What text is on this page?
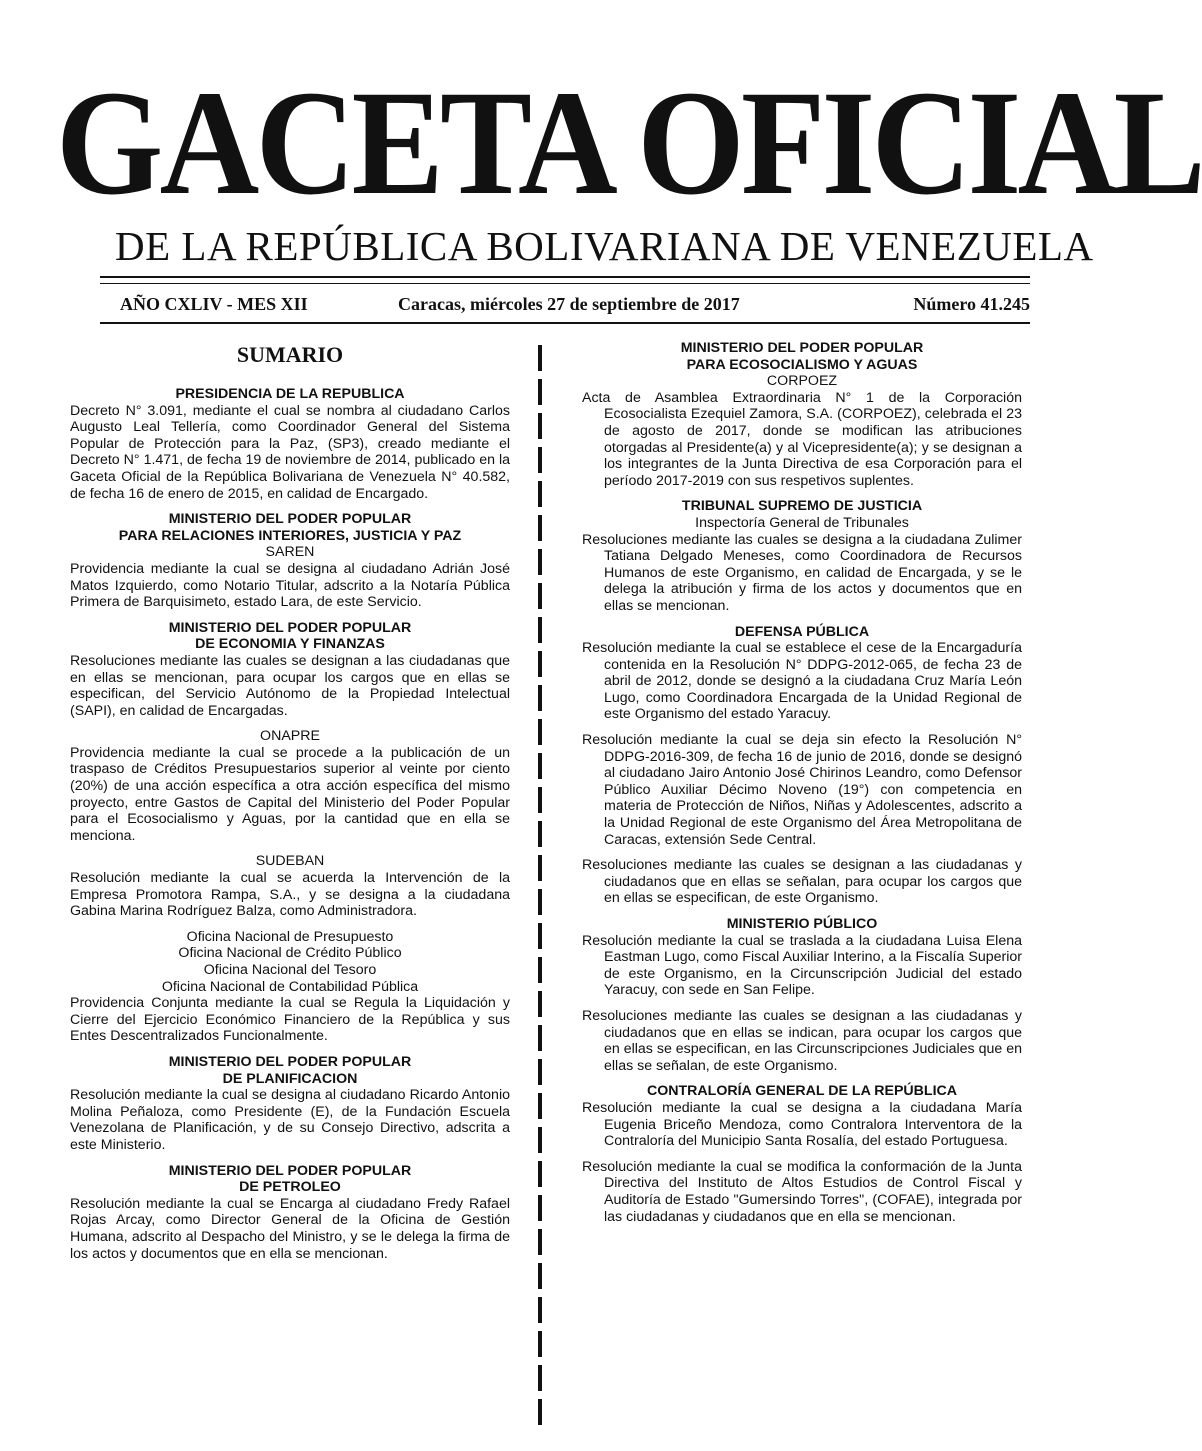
GACETA OFICIAL
DE LA REPÚBLICA BOLIVARIANA DE VENEZUELA
AÑO CXLIV - MES XII	Caracas, miércoles 27 de septiembre de 2017	Número 41.245
SUMARIO
PRESIDENCIA DE LA REPUBLICA

Decreto N° 3.091, mediante el cual se nombra al ciudadano Carlos Augusto Leal Tellería, como Coordinador General del Sistema Popular de Protección para la Paz, (SP3), creado mediante el Decreto N° 1.471, de fecha 19 de noviembre de 2014, publicado en la Gaceta Oficial de la República Bolivariana de Venezuela N° 40.582, de fecha 16 de enero de 2015, en calidad de Encargado.

MINISTERIO DEL PODER POPULAR
PARA RELACIONES INTERIORES, JUSTICIA Y PAZ
SAREN

Providencia mediante la cual se designa al ciudadano Adrián José Matos Izquierdo, como Notario Titular, adscrito a la Notaría Pública Primera de Barquisimeto, estado Lara, de este Servicio.

MINISTERIO DEL PODER POPULAR
DE ECONOMIA Y FINANZAS

Resoluciones mediante las cuales se designan a las ciudadanas que en ellas se mencionan, para ocupar los cargos que en ellas se especifican, del Servicio Autónomo de la Propiedad Intelectual (SAPI), en calidad de Encargadas.

ONAPRE

Providencia mediante la cual se procede a la publicación de un traspaso de Créditos Presupuestarios superior al veinte por ciento (20%) de una acción específica a otra acción específica del mismo proyecto, entre Gastos de Capital del Ministerio del Poder Popular para el Ecosocialismo y Aguas, por la cantidad que en ella se menciona.

SUDEBAN

Resolución mediante la cual se acuerda la Intervención de la Empresa Promotora Rampa, S.A., y se designa a la ciudadana Gabina Marina Rodríguez Balza, como Administradora.

Oficina Nacional de Presupuesto
Oficina Nacional de Crédito Público
Oficina Nacional del Tesoro
Oficina Nacional de Contabilidad Pública

Providencia Conjunta mediante la cual se Regula la Liquidación y Cierre del Ejercicio Económico Financiero de la República y sus Entes Descentralizados Funcionalmente.

MINISTERIO DEL PODER POPULAR
DE PLANIFICACION

Resolución mediante la cual se designa al ciudadano Ricardo Antonio Molina Peñaloza, como Presidente (E), de la Fundación Escuela Venezolana de Planificación, y de su Consejo Directivo, adscrita a este Ministerio.

MINISTERIO DEL PODER POPULAR
DE PETROLEO

Resolución mediante la cual se Encarga al ciudadano Fredy Rafael Rojas Arcay, como Director General de la Oficina de Gestión Humana, adscrito al Despacho del Ministro, y se le delega la firma de los actos y documentos que en ella se mencionan.

MINISTERIO DEL PODER POPULAR
PARA ECOSOCIALISMO Y AGUAS
CORPOEZ

Acta de Asamblea Extraordinaria N° 1 de la Corporación Ecosocialista Ezequiel Zamora, S.A. (CORPOEZ), celebrada el 23 de agosto de 2017, donde se modifican las atribuciones otorgadas al Presidente(a) y al Vicepresidente(a); y se designan a los integrantes de la Junta Directiva de esa Corporación para el período 2017-2019 con sus respetivos suplentes.

TRIBUNAL SUPREMO DE JUSTICIA
Inspectoría General de Tribunales

Resoluciones mediante las cuales se designa a la ciudadana Zulimer Tatiana Delgado Meneses, como Coordinadora de Recursos Humanos de este Organismo, en calidad de Encargada, y se le delega la atribución y firma de los actos y documentos que en ellas se mencionan.

DEFENSA PÚBLICA

Resolución mediante la cual se establece el cese de la Encargaduría contenida en la Resolución N° DDPG-2012-065, de fecha 23 de abril de 2012, donde se designó a la ciudadana Cruz María León Lugo, como Coordinadora Encargada de la Unidad Regional de este Organismo del estado Yaracuy.

Resolución mediante la cual se deja sin efecto la Resolución N° DDPG-2016-309, de fecha 16 de junio de 2016, donde se designó al ciudadano Jairo Antonio José Chirinos Leandro, como Defensor Público Auxiliar Décimo Noveno (19°) con competencia en materia de Protección de Niños, Niñas y Adolescentes, adscrito a la Unidad Regional de este Organismo del Área Metropolitana de Caracas, extensión Sede Central.

Resoluciones mediante las cuales se designan a las ciudadanas y ciudadanos que en ellas se señalan, para ocupar los cargos que en ellas se especifican, de este Organismo.

MINISTERIO PÚBLICO

Resolución mediante la cual se traslada a la ciudadana Luisa Elena Eastman Lugo, como Fiscal Auxiliar Interino, a la Fiscalía Superior de este Organismo, en la Circunscripción Judicial del estado Yaracuy, con sede en San Felipe.

Resoluciones mediante las cuales se designan a las ciudadanas y ciudadanos que en ellas se indican, para ocupar los cargos que en ellas se especifican, en las Circunscripciones Judiciales que en ellas se señalan, de este Organismo.

CONTRALORÍA GENERAL DE LA REPÚBLICA

Resolución mediante la cual se designa a la ciudadana María Eugenia Briceño Mendoza, como Contralora Interventora de la Contraloría del Municipio Santa Rosalía, del estado Portuguesa.

Resolución mediante la cual se modifica la conformación de la Junta Directiva del Instituto de Altos Estudios de Control Fiscal y Auditoría de Estado "Gumersindo Torres", (COFAE), integrada por las ciudadanas y ciudadanos que en ella se mencionan.
